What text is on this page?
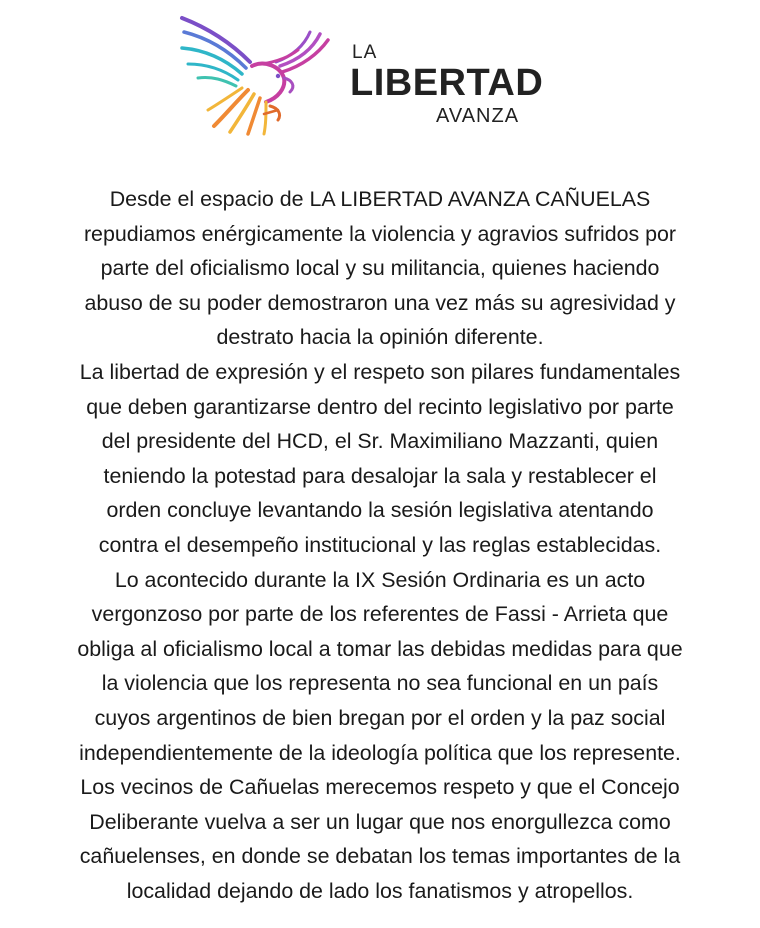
LA
LIBERTAD
AVANZA
Desde el espacio de LA LIBERTAD AVANZA CAÑUELAS
repudiamos enérgicamente la violencia y agravios sufridos por
parte del oficialismo local y su militancia, quienes haciendo
abuso de su poder demostraron una vez más su agresividad y
destrato hacia la opinión diferente.
La libertad de expresión y el respeto son pilares fundamentales
que deben garantizarse dentro del recinto legislativo por parte
del presidente del HCD, el Sr. Maximiliano Mazzanti, quien
teniendo la potestad para desalojar la sala y restablecer el
orden concluye levantando la sesión legislativa atentando
contra el desempeño institucional y las reglas establecidas.
Lo acontecido durante la IX Sesión Ordinaria es un acto
vergonzoso por parte de los referentes de Fassi - Arrieta que
obliga al oficialismo local a tomar las debidas medidas para que
la violencia que los representa no sea funcional en un país
cuyos argentinos de bien bregan por el orden y la paz social
independientemente de la ideología política que los represente.
Los vecinos de Cañuelas merecemos respeto y que el Concejo
Deliberante vuelva a ser un lugar que nos enorgullezca como
cañuelenses, en donde se debatan los temas importantes de la
localidad dejando de lado los fanatismos y atropellos.
